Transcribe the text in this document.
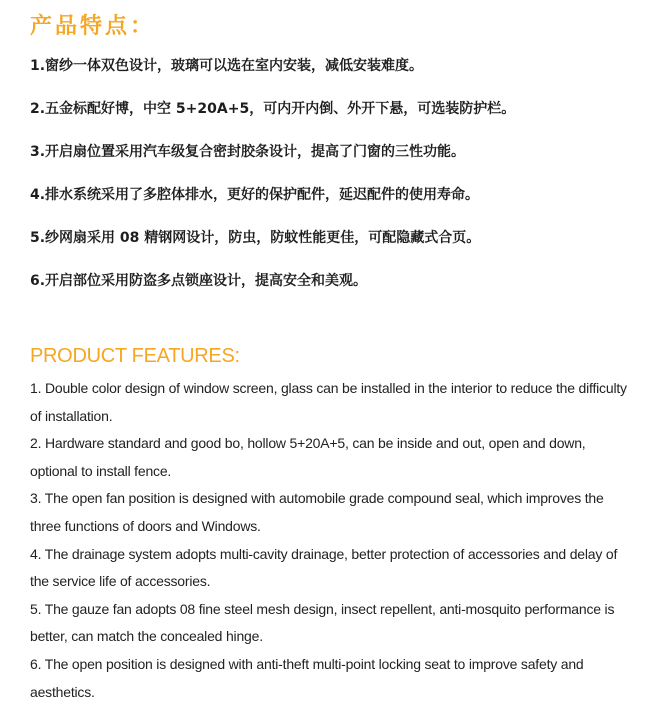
产品特点：
1.窗纱一体双色设计，玻璃可以选在室内安装，减低安装难度。
2.五金标配好博，中空 5+20A+5，可内开内倒、外开下悬，可选装防护栏。
3.开启扇位置采用汽车级复合密封胶条设计，提高了门窗的三性功能。
4.排水系统采用了多腔体排水，更好的保护配件，延迟配件的使用寿命。
5.纱网扇采用 08 精钢网设计，防虫，防蚊性能更佳，可配隐藏式合页。
6.开启部位采用防盗多点锁座设计，提高安全和美观。
PRODUCT FEATURES:
1. Double color design of window screen, glass can be installed in the interior to reduce the difficulty of installation.
2. Hardware standard and good bo, hollow 5+20A+5, can be inside and out, open and down, optional to install fence.
3. The open fan position is designed with automobile grade compound seal, which improves the three functions of doors and Windows.
4. The drainage system adopts multi-cavity drainage, better protection of accessories and delay of the service life of accessories.
5. The gauze fan adopts 08 fine steel mesh design, insect repellent, anti-mosquito performance is better, can match the concealed hinge.
6. The open position is designed with anti-theft multi-point locking seat to improve safety and aesthetics.
